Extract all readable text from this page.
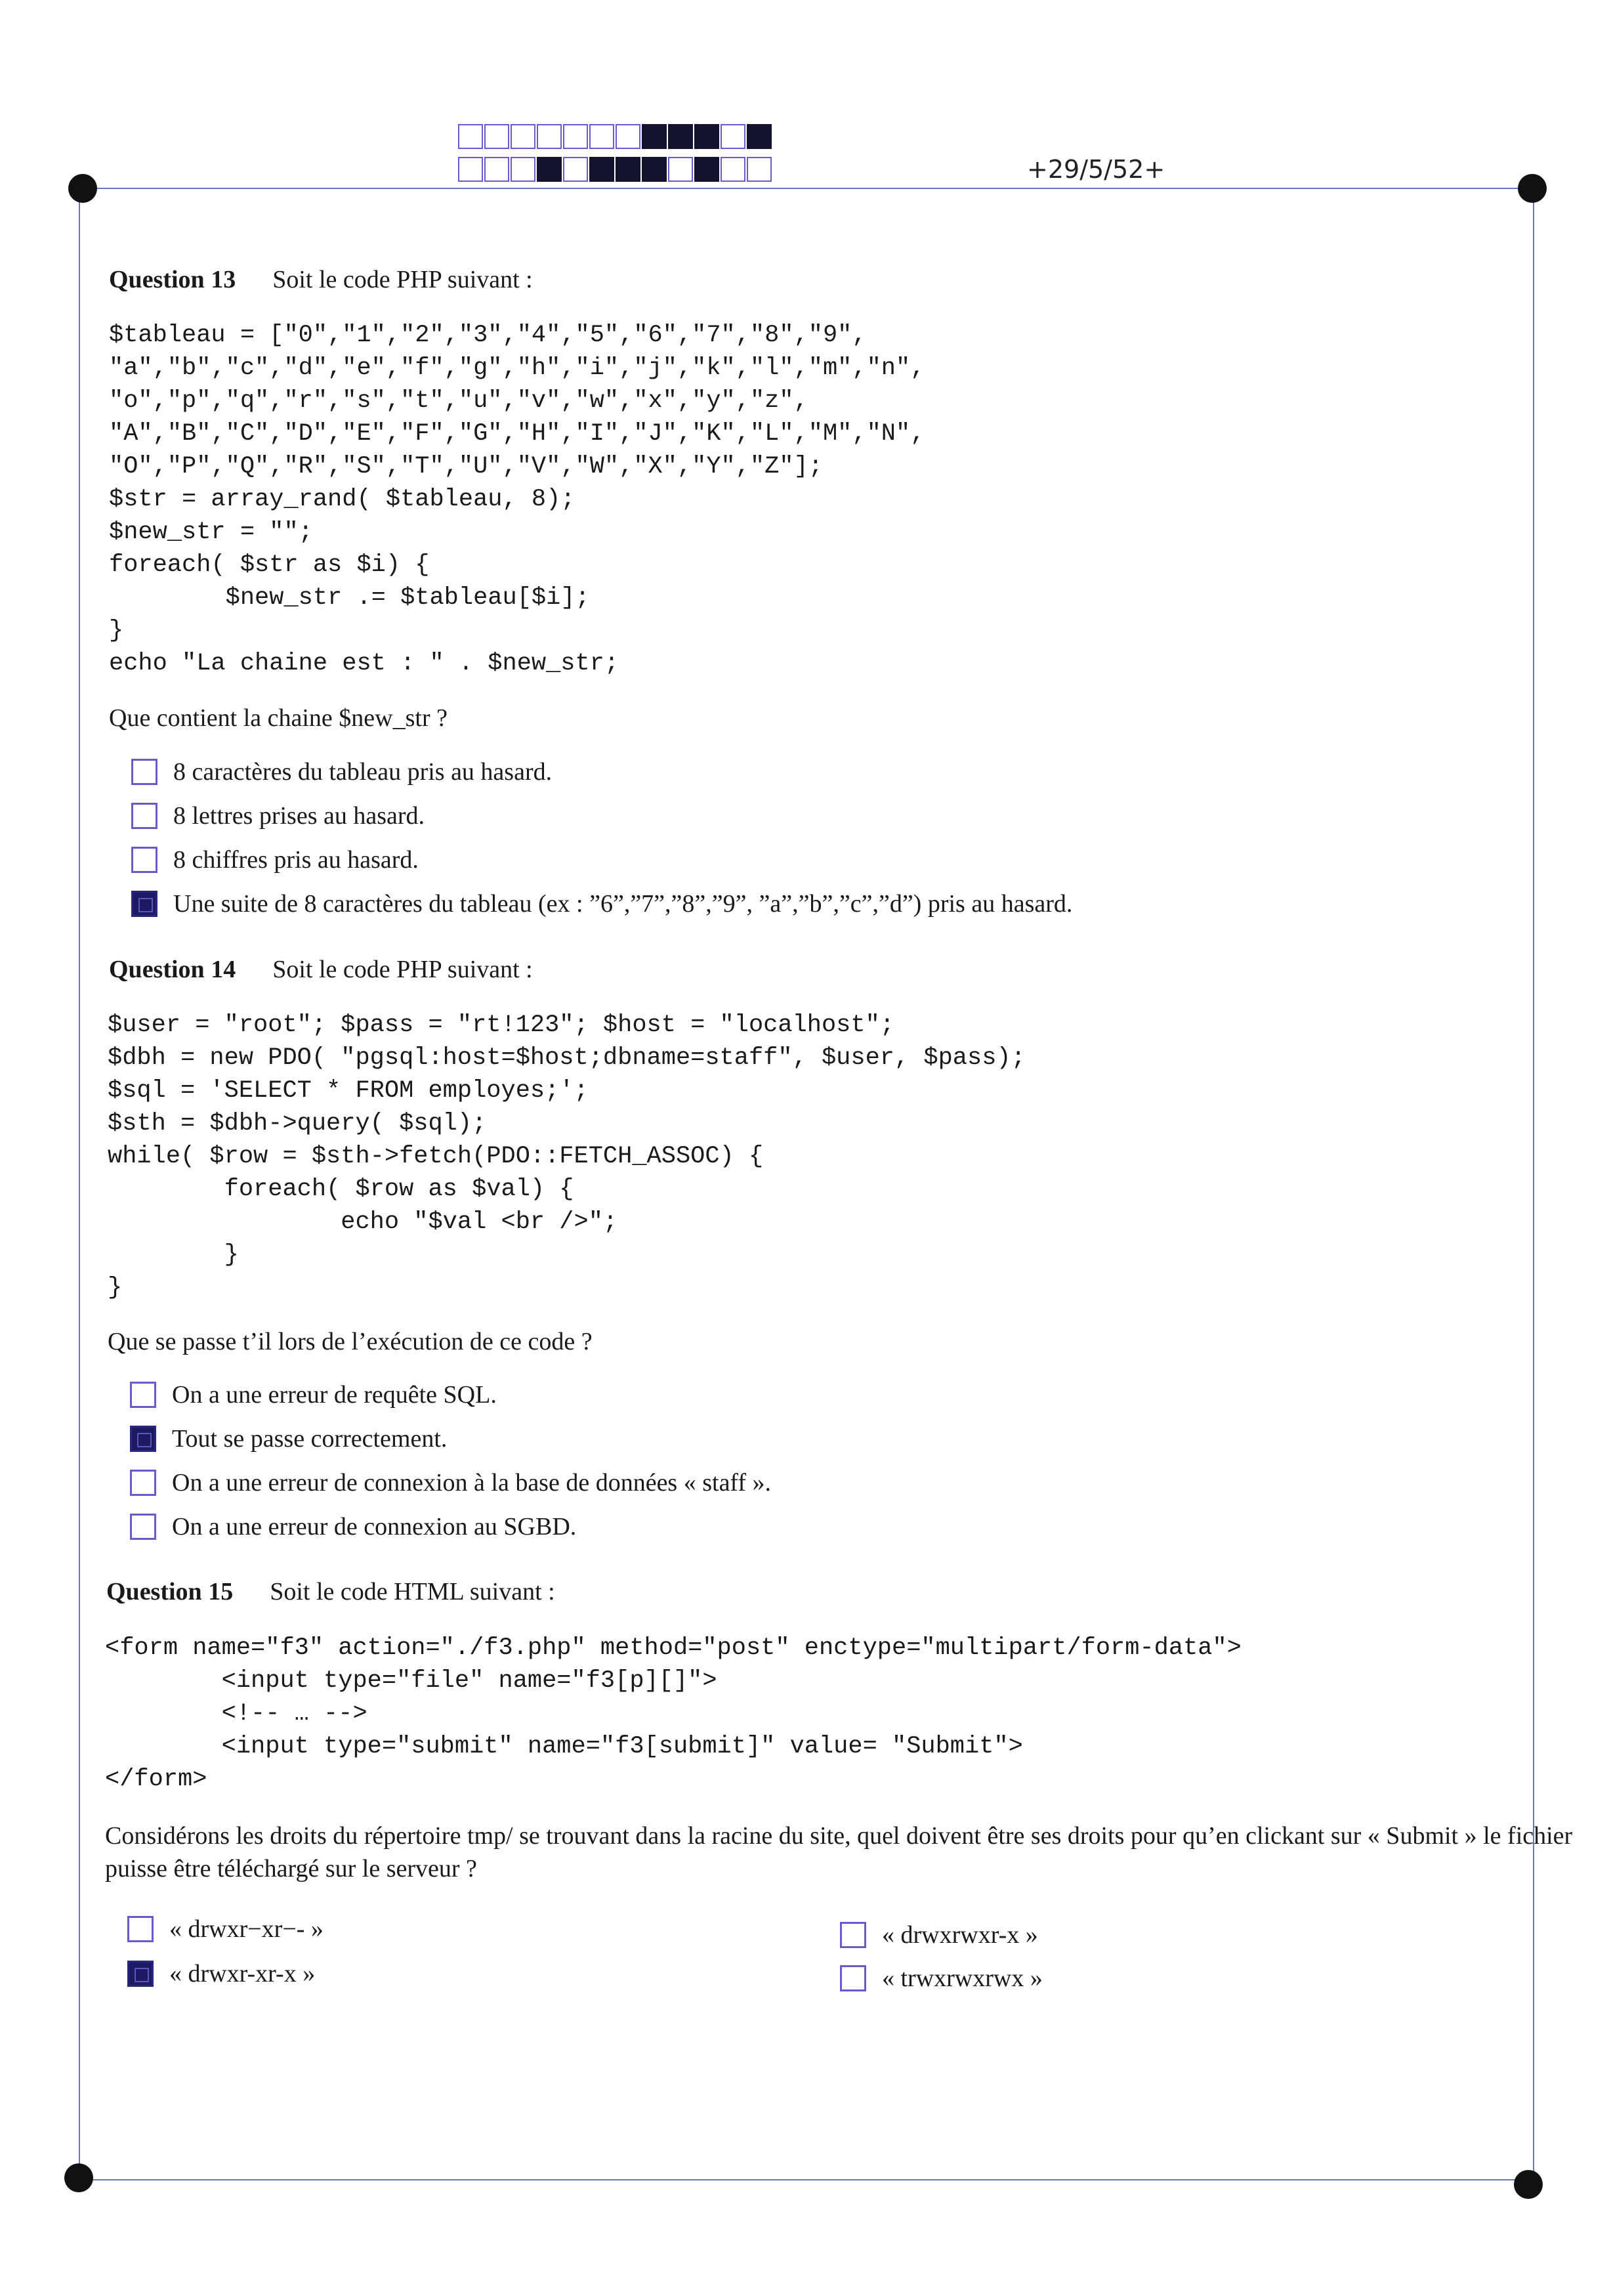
+29/5/52+
Question 13 Soit le code PHP suivant :
$tableau = ["0","1","2","3","4","5","6","7","8","9",
"a","b","c","d","e","f","g","h","i","j","k","l","m","n",
"o","p","q","r","s","t","u","v","w","x","y","z",
"A","B","C","D","E","F","G","H","I","J","K","L","M","N",
"O","P","Q","R","S","T","U","V","W","X","Y","Z"];
$str = array_rand( $tableau, 8);
$new_str = "";
foreach( $str as $i) {
$new_str .= $tableau[$i];
}
echo "La chaine est : " . $new_str;
Que contient la chaine $new_str ?
8 caractères du tableau pris au hasard.
8 lettres prises au hasard.
8 chiffres pris au hasard.
Une suite de 8 caractères du tableau (ex : ”6”,”7”,”8”,”9”, ”a”,”b”,”c”,”d”) pris au hasard.
Question 14 Soit le code PHP suivant :
$user = "root"; $pass = "rt!123"; $host = "localhost";
$dbh = new PDO( "pgsql:host=$host;dbname=staff", $user, $pass);
$sql = 'SELECT * FROM employes;';
$sth = $dbh->query( $sql);
while( $row = $sth->fetch(PDO::FETCH_ASSOC) {
foreach( $row as $val) {
echo "$val <br />";
}
}
Que se passe t’il lors de l’exécution de ce code ?
On a une erreur de requête SQL.
Tout se passe correctement.
On a une erreur de connexion à la base de données « staff ».
On a une erreur de connexion au SGBD.
Question 15 Soit le code HTML suivant :
<form name="f3" action="./f3.php" method="post" enctype="multipart/form-data">
<input type="file" name="f3[p][]">
<!-- … -->
<input type="submit" name="f3[submit]" value= "Submit">
</form>
Considérons les droits du répertoire tmp/ se trouvant dans la racine du site, quel doivent être ses droits pour qu’en clickant sur « Submit » le fichier puisse être téléchargé sur le serveur ?
« drwxr−xr−- »
« drwxr-xr-x »
« drwxrwxr-x »
« trwxrwxrwx »
